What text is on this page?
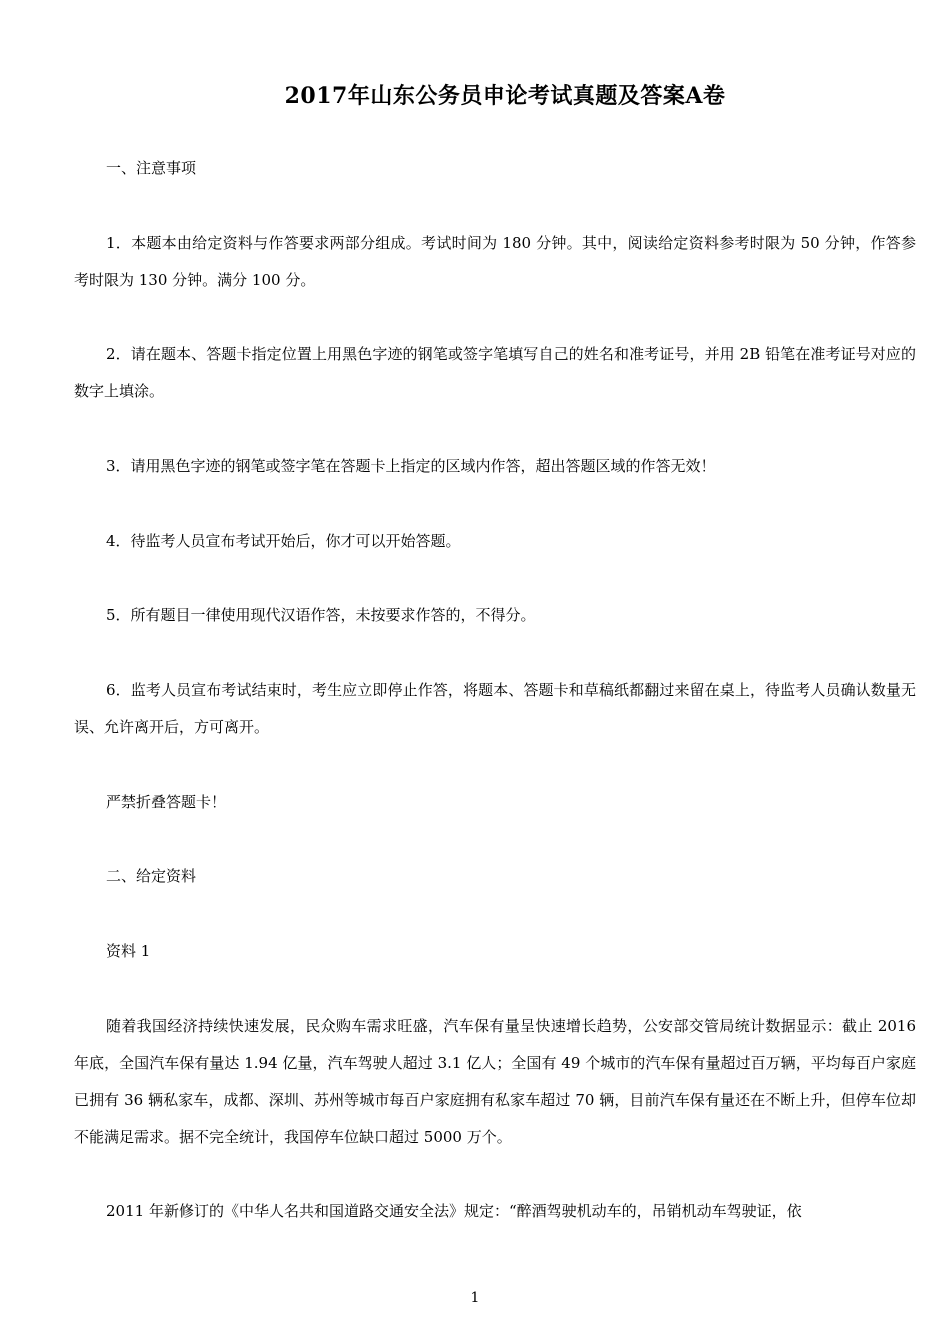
2017年山东公务员申论考试真题及答案A卷

一、注意事项

1．本题本由给定资料与作答要求两部分组成。考试时间为 180 分钟。其中，阅读给定资料参考时限为 50 分钟，作答参考时限为 130 分钟。满分 100 分。

2．请在题本、答题卡指定位置上用黑色字迹的钢笔或签字笔填写自己的姓名和准考证号，并用 2B 铅笔在准考证号对应的数字上填涂。

3．请用黑色字迹的钢笔或签字笔在答题卡上指定的区域内作答，超出答题区域的作答无效！

4．待监考人员宣布考试开始后，你才可以开始答题。

5．所有题目一律使用现代汉语作答，未按要求作答的，不得分。

6．监考人员宣布考试结束时，考生应立即停止作答，将题本、答题卡和草稿纸都翻过来留在桌上，待监考人员确认数量无误、允许离开后，方可离开。

严禁折叠答题卡！

二、给定资料

资料 1

随着我国经济持续快速发展，民众购车需求旺盛，汽车保有量呈快速增长趋势，公安部交管局统计数据显示：截止 2016 年底，全国汽车保有量达 1.94 亿量，汽车驾驶人超过 3.1 亿人；全国有 49 个城市的汽车保有量超过百万辆，平均每百户家庭已拥有 36 辆私家车，成都、深圳、苏州等城市每百户家庭拥有私家车超过 70 辆，目前汽车保有量还在不断上升，但停车位却不能满足需求。据不完全统计，我国停车位缺口超过 5000 万个。

2011 年新修订的《中华人名共和国道路交通安全法》规定：“醉酒驾驶机动车的，吊销机动车驾驶证，依

1
